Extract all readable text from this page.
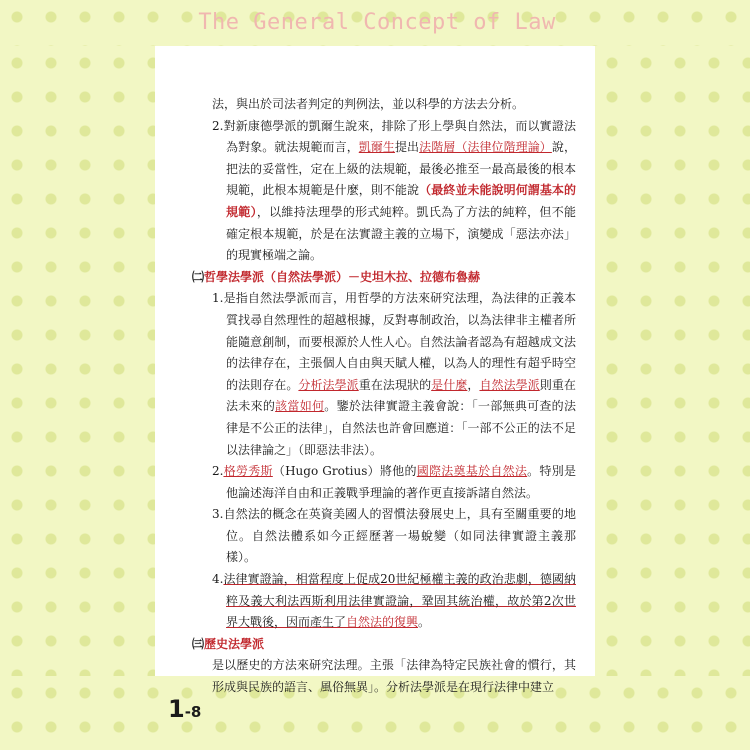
The General Concept of Law

法，與出於司法者判定的判例法，並以科學的方法去分析。

2.對新康德學派的凱爾生說來，排除了形上學與自然法，而以實證法為對象。就法規範而言，凱爾生提出法階層（法律位階理論）說，把法的妥當性，定在上級的法規範，最後必推至一最高最後的根本規範，此根本規範是什麼，則不能說（最終並未能說明何謂基本的規範），以維持法理學的形式純粹。凱氏為了方法的純粹，但不能確定根本規範，於是在法實證主義的立場下，演變成「惡法亦法」的現實極端之論。

㈡哲學法學派（自然法學派）－史坦木拉、拉德布魯赫

1.是指自然法學派而言，用哲學的方法來研究法理，為法律的正義本質找尋自然理性的超越根據，反對專制政治，以為法律非主權者所能隨意創制，而要根源於人性人心。自然法論者認為有超越成文法的法律存在，主張個人自由與天賦人權，以為人的理性有超乎時空的法則存在。分析法學派重在法現狀的是什麼，自然法學派則重在法未來的該當如何。鑒於法律實證主義會說：「一部無典可查的法律是不公正的法律」，自然法也許會回應道：「一部不公正的法不足以法律論之」（即惡法非法）。

2.格勞秀斯（Hugo Grotius）將他的國際法奠基於自然法。特別是他論述海洋自由和正義戰爭理論的著作更直接訴諸自然法。

3.自然法的概念在英資美國人的習慣法發展史上，具有至關重要的地位。自然法體系如今正經歷著一場蛻變（如同法律實證主義那樣）。

4.法律實證論，相當程度上促成20世紀極權主義的政治悲劇，德國納粹及義大利法西斯利用法律實證論，鞏固其統治權，故於第2次世界大戰後，因而產生了自然法的復興。

㈢歷史法學派

是以歷史的方法來研究法理。主張「法律為特定民族社會的慣行，其形成與民族的語言、風俗無異」。分析法學派是在現行法律中建立

1-8
